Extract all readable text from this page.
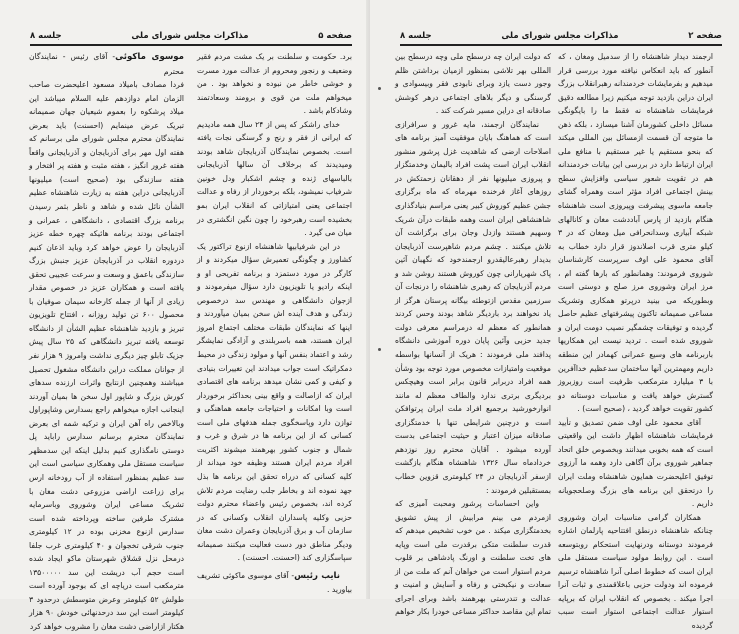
صفحه ۵
مذاکرات مجلس شورای ملی
جلسه ۸

موسوی ماکوئی- آقای رئیس - نمایندگان محترم

فردا مصادف بامیلاد مسعود اعلیحضرت صاحب الزمان امام دوازدهم علیه السلام میباشد این میلاد پرشکوه را بعموم شیعیان جهان صمیمانه تبریک عرض مینمایم (احسنت) باید بعرض نمایندگان محترم مجلس شورای ملی برسانم که هفته اول مهر برای آذربایجان و آذربایجانی واقعاً هفته غرور انگیز ، هفته مثبت و هفته پر افتخار و هفته سازندگی بود (صحیح است) میلیونها آذربایجانی دراین هفته به زیارت شاهنشاه عظیم الشأن نائل شده و شاهد و ناظر بثمر رسیدن برنامه بزرگ اقتصادی ، دانشگاهی ، عمرانی و اجتماعی بودند برنامه هائیکه چهره خطه عزیز آذربایجان را عوض خواهد کرد وباید اذعان کنیم دردوره انقلاب در آذربایجان عزیز جنبش بزرگ سازندگی باعمق و وسعت و سرعت عجیبی تحقق یافته است و همکاران عزیز در خصوص مقدار زیادی از آنها از جمله کارخانه سیمان صوفیان با محصول ۶۰۰ تن تولید روزانه ، افتتاح تلویزیون تبریز و بازدید شاهنشاه عظیم الشأن از دانشگاه توسعه یافته تبریز دانشگاهی که ۲۵ سال پیش جزیک تابلو چیز دیگری نداشت وامروز ۹ هزار نفر از جوانان مملکت دراین دانشگاه مشغول تحصیل میباشند وهمچنین ازنتایج واثرات ارزنده سدهای کورش بزرگ و شاپور اول سخن ها بمیان آوردند اینجانب اجازه میخواهم راجع بسدارس وشاپوراول وبالاخص راه آهن ایران و ترکیه شمه ای بعرض نمایندگان محترم برسانم سدارس راباید پل دوستی نامگذاری کنیم بدلیل اینکه این سدمظهر سیاست مستقل ملی وهمکاری سیاسی است این سد عظیم بمنظور استفاده از آب رودخانه ارس برای زراعت اراضی مزروعی دشت مغان با تشریک مساعی ایران وشوروی وباسرمایه مشترک طرفین ساخته وپرداخته شده است سدارس ازنوع مخزنی بوده در ۱۲ کیلومتری جنوب شرقی تخجوان و ۴۰ کیلومتری غرب جلفا درمحل نزل قشلاق شهرستان ماکو ایجاد شده است حجم آب دریشت این سد ۱۳۵۰۰۰۰۰ مترمکعب است دریاچه ای که بوجود آورده است طولش ۵۲ کیلومتر وعرض متوسطش درحدود ۳ کیلومتر است این سد درحدنهائی خودش ۹۰ هزار هکتار ازاراضی دشت مغان را مشروب خواهد کرد

برد. حکومت و سلطنت بر یک مشت مردم فقیر وضعیف و رنجور ومحروم از عدالت مورد مسرت و خوشی خاطر من نبوده و نخواهد بود . من میخواهم ملت من قوی و برومند وسعادتمند وشادکام باشد .

خدای راشکر که پس از ۲۴ سال همه مادیدیم که ایرانی از فقر و رنج و گرسنگی نجات یافته است. بخصوص نمایندگان آذربایجان شاهد بودند ومیدیدند که برخلاف آن سالها آذربایجانی بالباسهای ژنده و چشم اشکبار ودل خونین شرفیاب نمیشود، بلکه برخوردار از رفاه و عدالت اجتماعی یعنی امتیازاتی که انقلاب ایران بمو بخشیده است رهبرخود را چون نگین انگشتری در میان می گیرد .

در این شرفیابیها شاهنشاه ازنوع تراکتور یک کشاورز و چگونگی تعمیرش سؤال میکردند و از کارگر در مورد دستمزد و برنامه تفریحی او و اینکه رادیو یا تلویزیون دارد سؤال میفرمودند و ازجوان دانشگاهی و مهندس سد درخصوص زندگی و هدف آینده اش سخن بمیان میآوردند و اینها که نمایندگان طبقات مختلف اجتماع امروز ایران هستند، همه باسربلندی و آزادگی نمایشگر رشد و اعتماد بنفس آنها و مولود زندگی در محیط دمکراتیک است جواب میدادند این تغییرات بنیادی و کیفی و کمی نشان میدهد برنامه های اقتصادی ایران که ازاصالت و واقع بینی بحداکثر برخوردار است وبا امکانات و احتیاجات جامعه هماهنگی و توازن دارد وپاسخگوی جمله هدفهای ملی است کسانی که از این برنامه ها در شرق و غرب و شمال و جنوب کشور بهرهمند میشوند اکثریت افراد مردم ایران هستند وظیفه خود میداند از کلیه کسانی که درراه تحقق این برنامه ها بذل جهد نموده اند و بخاطر جلب رضایت مردم تلاش کرده اند، بخصوص رئیس واعضاء محترم دولت حزبی وکلیه پاسداران انقلاب وکسانی که در سازمان آب و برق آذربایجان وعمران دشت مغان ودیگر مناطق دور دست فعالیت میکنند صمیمانه سپاسگزاری کند (احسنت. احسنت) .

نایب رئیس- آقای موسوی ماکوئی تشریف بیاورید .

صفحه ۲
مذاکرات مجلس شورای ملی
جلسه ۸

ارجمند دیدار شاهنشاه را از سدمیل ومغان ، که آنطور که باید انعکاس نیافته مورد بررسی قرار میدهیم و بفرمایشات خردمندانه رهبرانقلاب بزرگ ایران دراین بازدید توجه میکنیم زیرا مطالعه دقیق فرمایشات شاهنشاه نه فقط ما را بایگونگی مسائل داخلی کشورمان آشنا میسازد ، بلکه ذهن ما متوجه آن قسمت ازمسائل بین المللی میکند که بنحو مستقیم یا غیر مستقیم با منافع ملی ایران ارتباط دارد در بررسی این بیانات خردمندانه هم در تقویت شعور سیاسی وافزایش سطح بینش اجتماعی افراد مؤثر است وهمراه گشای جامعه ماسوی پیشرفت وپیروزی است شاهنشاه هنگام بازدید از پارس آباددشت مغان و کانالهای شبکه آبیاری وسدانحرافی میل ومغان که در ۳ کیلو متری قرب اصلاندوز قرار دارد خطاب به آقای محمود علی اوف سرپرست کارشناسان شوروی فرمودند: وهمانطور که بارها گفته ام ، مرز ایران وشوروی مرز صلح و دوستی است وبطوریکه می بینید درپرتو همکاری وتشریک مساعی صمیمانه تاکنون پیشرفتهای عظیم حاصل گردیده و توفیقات چشمگیر نصیب دومت ایران و شوروی شده است . تردید نیست این همکاریها باربرنامه های وسیع عمرانی کهمادر این منطقه داریم ومهمترین آنها ساختمان سدعظیم خداآفرین با ۳ میلیارد مترمکعب ظرفیت است روزبروز گسترش خواهد یافت و مناسبات دوستانه دو کشور تقویت خواهد گردید ، (صحیح است) .

آقای محمود علی اوف ضمن تصدیق و تأیید فرمایشات شاهنشاه اظهار داشت این واقعیتی است که همه بخوبی میدانند وبخصوص خلق اتحاد جماهیر شوروی برآن آگاهی دارد وهمه ما آرزوی توفیق اعلیحضرت همایون شاهنشاه وملت ایران را درتحقق این برنامه های بزرگ وصلحجویانه داریم .

همکاران گرامی مناسبات ایران وشوروی چنانکه شاهنشاه درنطق افتتاحیه پارلمان اشاره فرمودند دوستانه ودرنهایت استحکام روبتوسعه است . این روابط مولود سیاست مستقل ملی ایران است که خطوط اصلی آنرا شاهنشاه ترسیم فرموده اند ودولت حزبی باعلاقمندی و ثبات آنرا اجرا میکند . بخصوص که انقلاب ایران که برپایه استوار عدالت اجتماعی استوار است سبب گردیده

که دولت ایران چه درسطح ملی وچه درسطح بین المللی بهر تلاشی بمنظور ازمیان برداشتن ظلم وجور دست یازد وبرای نابودی فقر وبیسوادی و گرسنگی و دیگر بلاهای اجتماعی درهر کوشش صادقانه ای دراین مسیر شرکت کند .

نمایندگان ارجمند، مایه غرور و سرافرازی است که هماهنگ بایان موفقیت آمیز برنامه های اصلاحات ارضی که شاهدیت غزل پرشور منشور انقلاب ایران است پشت افراد بالیمان وخدمتگزار و پیروزی میلیونها نفر از دهقانان زحمتکش در روزهای آغاز فرخنده مهرماه که ماه برگزاری جشن عظیم کوروش کبیر یعنی مراسم بنیادگذاری شاهنشاهی ایران است وهمه طبقات درآن شریک وسهیم هستند وازدل وجان برای برگزاشت آن تلاش میکنند . چشم مردم شاهپرست آذربایجان بدیدار رهبرعالیقدرو ارجمندخود که نگهبان آئین پاک شهریارانی چون کوروش هستند روشن شد و مردم آذربایجان که رهبری شاهنشاه را درنجات آن سرزمین مقدس ازتوطئه بیگانه پرستان هرگز از یاد نخواهند برد باردیگر شاهد بودند وحس کردند همانطور که معظم له درمراسم معرفی دولت جدید حزبی وآئین پایان دوره آموزشی دانشگاه پدافند ملی فرمودند : هریک از آنسانها بواسطه موقعیت وامتیازات مخصوص مورد توجه بود وشأن همه افراد دربرابر قانون برابر است وهیچکس بردیگری برتری ندارد والطاف معظم له مانند انوارخورشید برجمیع افراد ملت ایران پرتوافکن است و درچنین شرایطی تنها با خدمتگزاری صادقانه میزان اعتبار و حیثیت اجتماعی بدست آورده میشود . آقایان محترم روز نوزدهم خردادماه سال ۱۳۲۶ شاهنشاه هنگام بازگشت ازسفر آذربایجان در ۲۴ کیلومتری قزوین خطاب بمستقبلین فرمودند :

واین احساسات پرشور ومحبت آمیزی که ازمردم می بینم مرابیش از پیش تشویق بخدمتگزاری میکند . من خوب تشخیص میدهم که قدرت سلطنت متکی برقدرت ملی است وپایه های تخت سلطنت و اورنگ پادشاهی بر قلوب مردم استوار است من خواهان آنم که ملت من از سعادت و نیکبختی و رفاه و آسایش و امنیت و عدالت و تندرستی بهرهمند باشد وبرای اجرای تمام این مقاصد حداکثر مساعی خودرا بکار خواهم
